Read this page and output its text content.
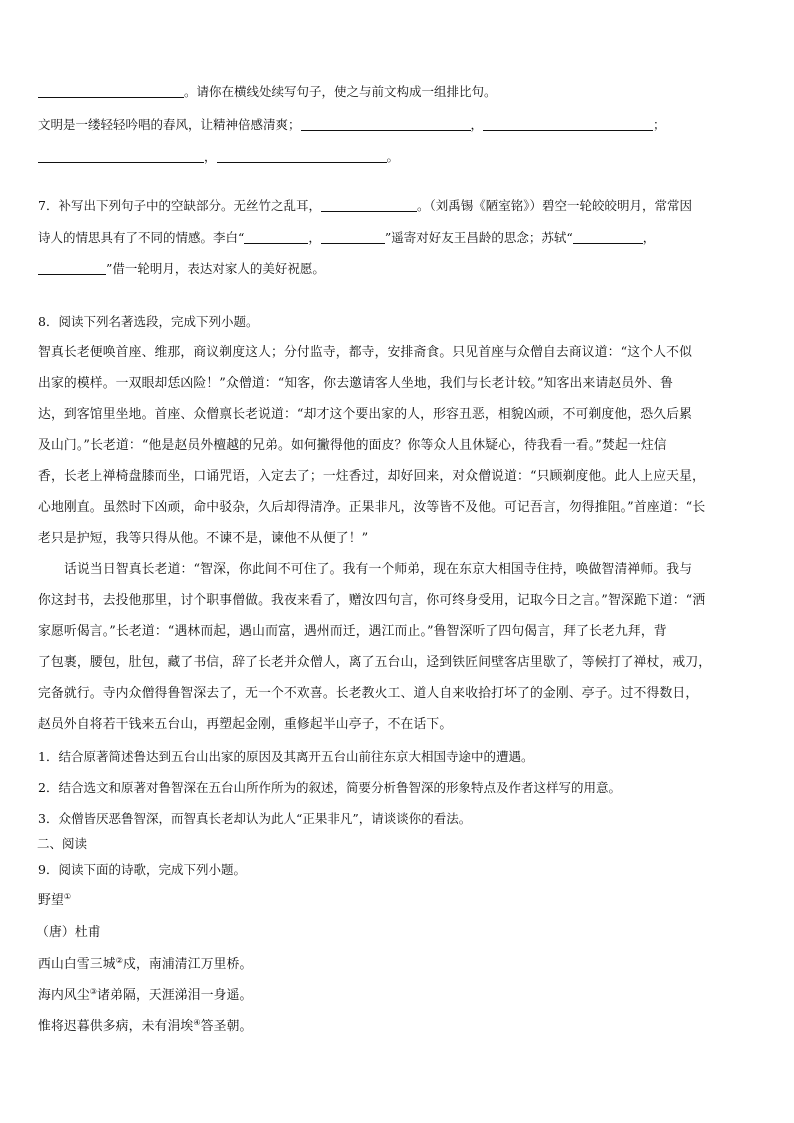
。请你在横线处续写句子，使之与前文构成一组排比句。
文明是一缕轻轻吟唱的春风，让精神倍感清爽；	，	；
，	。
7．补写出下列句子中的空缺部分。无丝竹之乱耳，	。（刘禹锡《陋室铭》）碧空一轮皎皎明月，常常因
诗人的情思具有了不同的情感。李白“	，	”遥寄对好友王昌龄的思念；苏轼“	，
”借一轮明月，表达对家人的美好祝愿。
8．阅读下列名著选段，完成下列小题。
智真长老便唤首座、维那，商议剃度这人；分付监寺，都寺，安排斋食。只见首座与众僧自去商议道：“这个人不似
出家的模样。一双眼却恁凶险！”众僧道：“知客，你去邀请客人坐地，我们与长老计较。”知客出来请赵员外、鲁
达，到客馆里坐地。首座、众僧禀长老说道：“却才这个要出家的人，形容丑恶，相貌凶顽，不可剃度他，恐久后累
及山门。”长老道：“他是赵员外檀越的兄弟。如何撇得他的面皮？你等众人且休疑心，待我看一看。”焚起一炷信
香，长老上禅椅盘膝而坐，口诵咒语，入定去了；一炷香过，却好回来，对众僧说道：“只顾剃度他。此人上应天星，
心地刚直。虽然时下凶顽，命中驳杂，久后却得清净。正果非凡，汝等皆不及他。可记吾言，勿得推阻。”首座道：“长
老只是护短，我等只得从他。不谏不是，谏他不从便了！”
话说当日智真长老道：“智深，你此间不可住了。我有一个师弟，现在东京大相国寺住持，唤做智清禅师。我与
你这封书，去投他那里，讨个职事僧做。我夜来看了，赠汝四句言，你可终身受用，记取今日之言。”智深跪下道：“洒
家愿听偈言。”长老道：“遇林而起，遇山而富，遇州而迁，遇江而止。”鲁智深听了四句偈言，拜了长老九拜，背
了包裹，腰包，肚包，藏了书信，辞了长老并众僧人，离了五台山，迳到铁匠间壁客店里歇了，等候打了禅杖，戒刀，
完备就行。寺内众僧得鲁智深去了，无一个不欢喜。长老教火工、道人自来收拾打坏了的金刚、亭子。过不得数日，
赵员外自将若干钱来五台山，再塑起金刚，重修起半山亭子，不在话下。
1．结合原著简述鲁达到五台山出家的原因及其离开五台山前往东京大相国寺途中的遭遇。
2．结合选文和原著对鲁智深在五台山所作所为的叙述，简要分析鲁智深的形象特点及作者这样写的用意。
3．众僧皆厌恶鲁智深，而智真长老却认为此人“正果非凡”，请谈谈你的看法。
二、阅读
9．阅读下面的诗歌，完成下列小题。
野望①
（唐）杜甫
西山白雪三城②戍，南浦清江万里桥。
海内风尘③诸弟隔，天涯涕泪一身遥。
惟将迟暮供多病，未有涓埃④答圣朝。
